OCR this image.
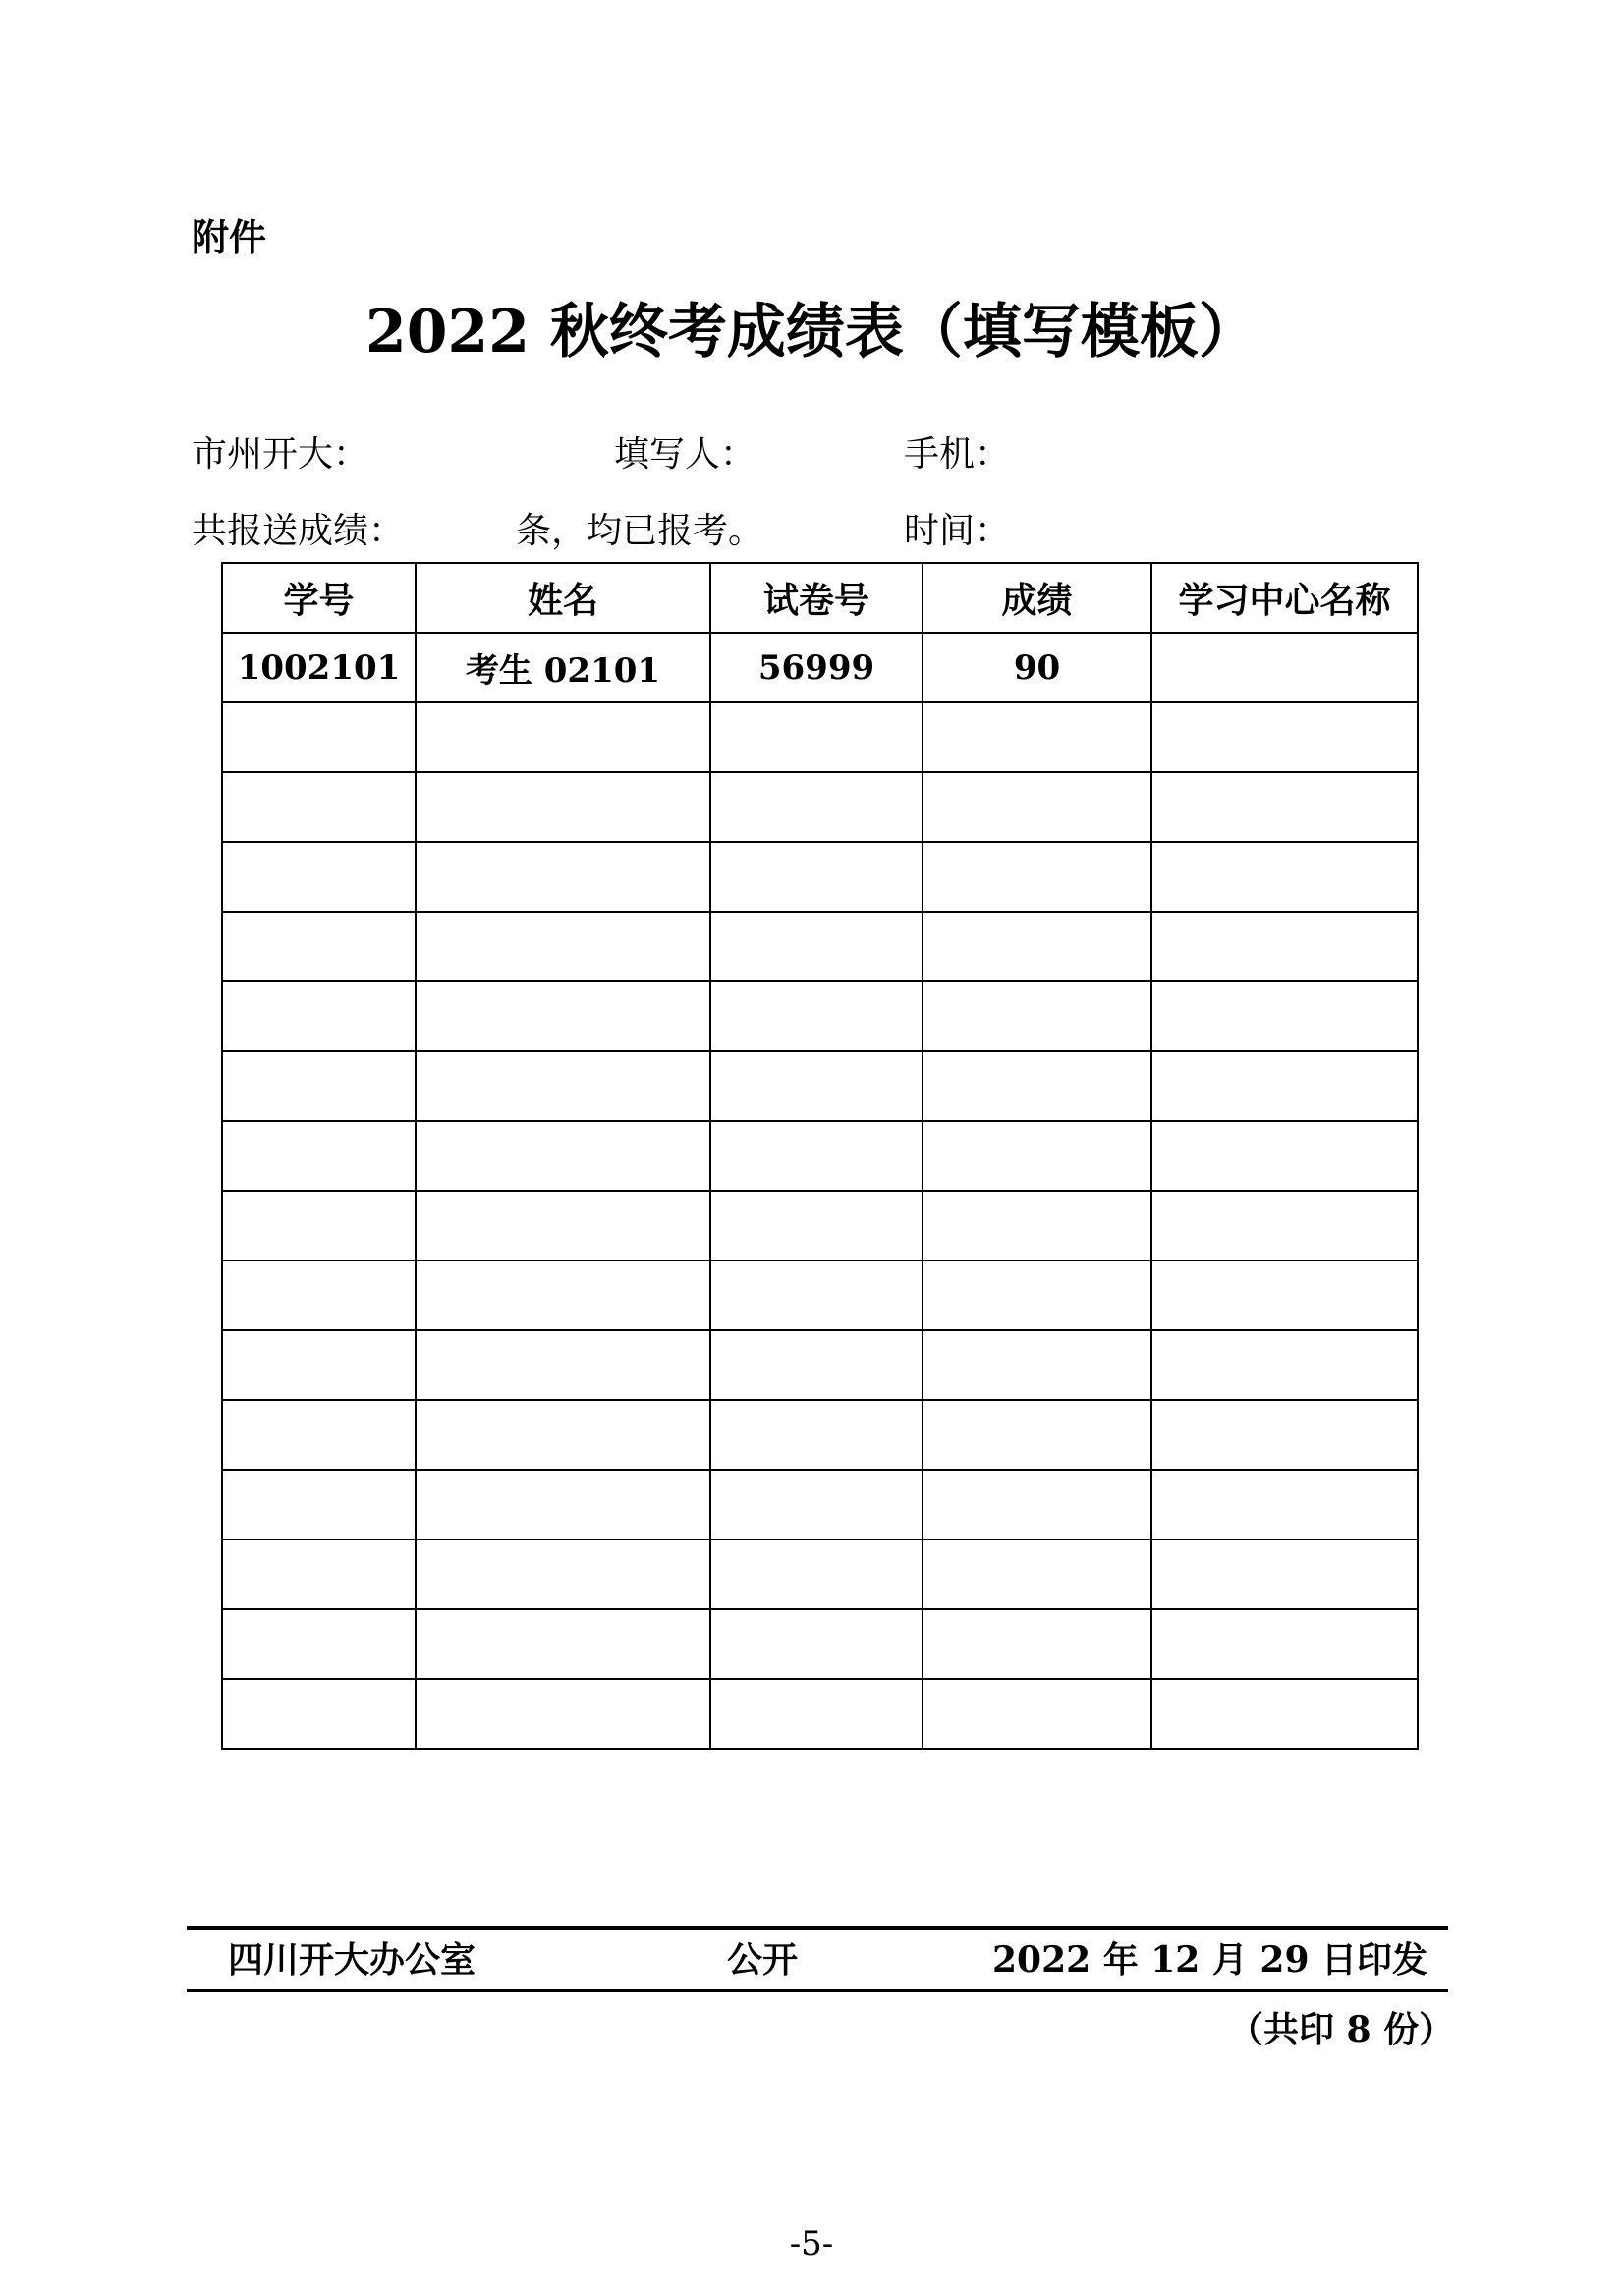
附件
2022 秋终考成绩表（填写模板）
市州开大：	填写人：	手机：
共报送成绩：	条，均已报考。	时间：
学号	姓名	试卷号	成绩	学习中心名称
1002101	考生 02101	56999	90	

四川开大办公室	公开	2022 年 12 月 29 日印发
（共印 8 份）
-5-
